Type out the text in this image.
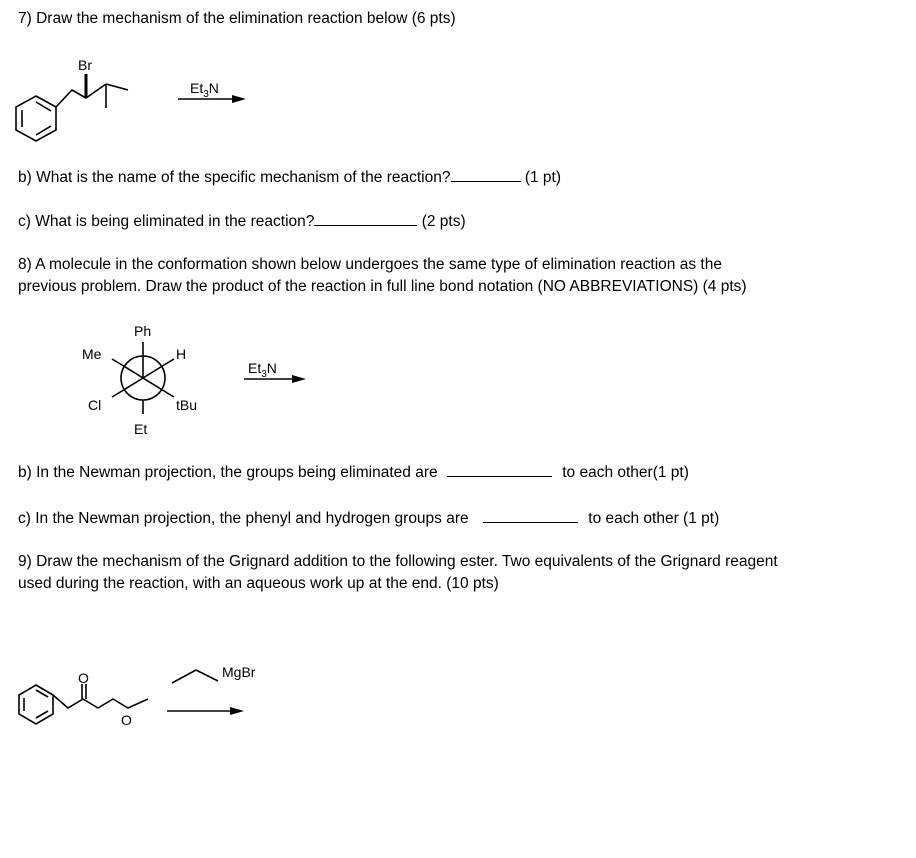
7) Draw the mechanism of the elimination reaction below (6 pts)
Br
$Et_3N$
b) What is the name of the specific mechanism of the reaction?	(1 pt)
c) What is being eliminated in the reaction?	(2 pts)
8) A molecule in the conformation shown below undergoes the same type of elimination reaction as the
previous problem. Draw the product of the reaction in full line bond notation (NO ABBREVIATIONS) (4 pts)
Ph
Me	H
Cl	tBu
Et
$Et_3N$
b) In the Newman projection, the groups being eliminated are	to each other(1 pt)
c) In the Newman projection, the phenyl and hydrogen groups are	to each other (1 pt)
9) Draw the mechanism of the Grignard addition to the following ester. Two equivalents of the Grignard reagent
used during the reaction, with an aqueous work up at the end. (10 pts)
O
O
MgBr
